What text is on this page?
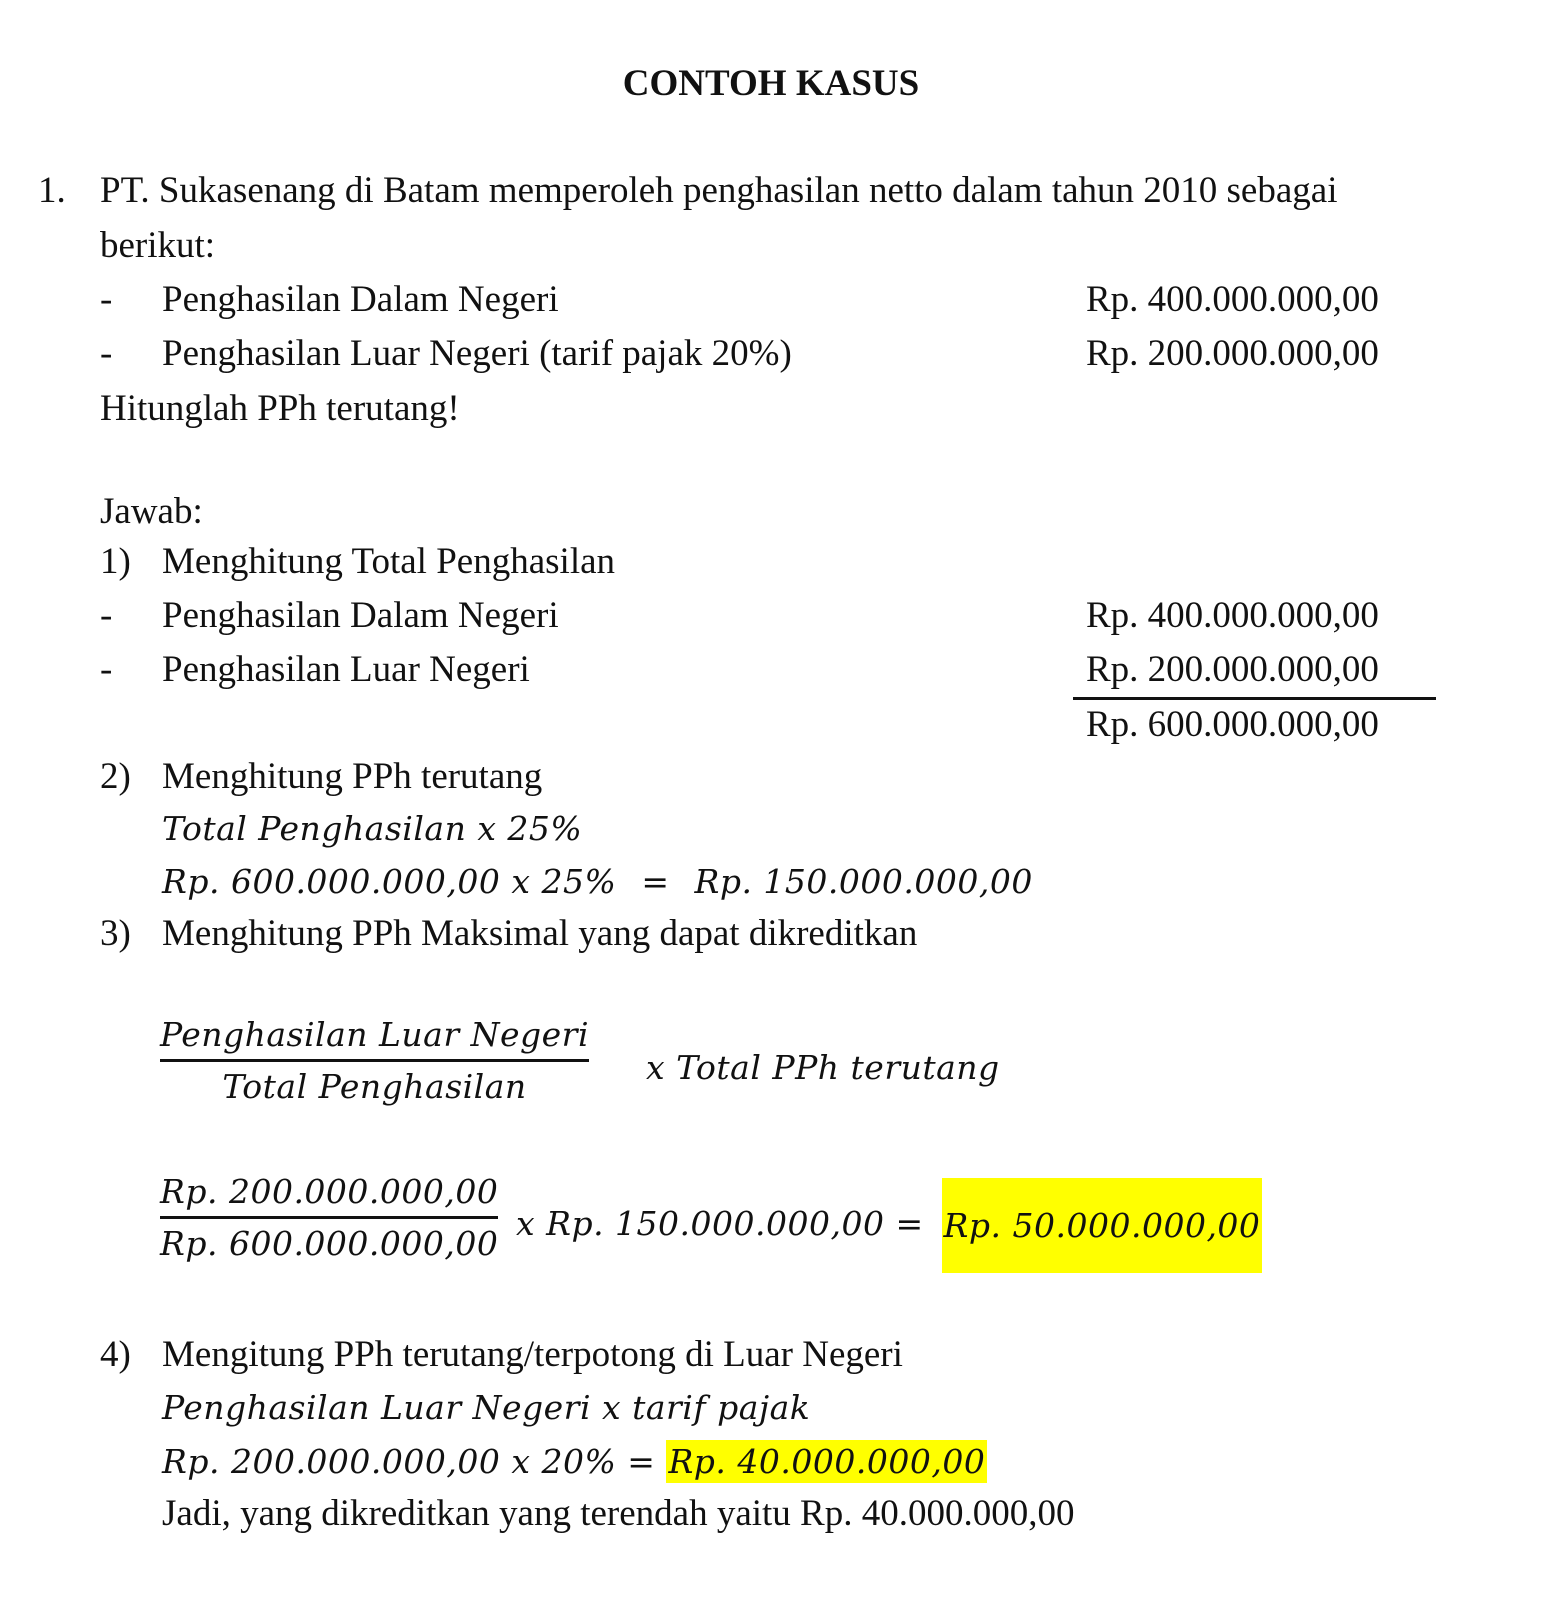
CONTOH KASUS
1. PT. Sukasenang di Batam memperoleh penghasilan netto dalam tahun 2010 sebagai
berikut:
- Penghasilan Dalam Negeri	Rp. 400.000.000,00
- Penghasilan Luar Negeri (tarif pajak 20%)	Rp. 200.000.000,00
Hitunglah PPh terutang!
Jawab:
1) Menghitung Total Penghasilan
- Penghasilan Dalam Negeri	Rp. 400.000.000,00
- Penghasilan Luar Negeri	Rp. 200.000.000,00
Rp. 600.000.000,00
2) Menghitung PPh terutang
Total Penghasilan x 25%
Rp. 600.000.000,00 x 25% = Rp. 150.000.000,00
3) Menghitung PPh Maksimal yang dapat dikreditkan
Penghasilan Luar Negeri
Total Penghasilan	x Total PPh terutang
Rp. 200.000.000,00
Rp. 600.000.000,00
x Rp. 150.000.000,00 = Rp. 50.000.000,00
4) Mengitung PPh terutang/terpotong di Luar Negeri
Penghasilan Luar Negeri x tarif pajak
Rp. 200.000.000,00 x 20% = Rp. 40.000.000,00
Jadi, yang dikreditkan yang terendah yaitu Rp. 40.000.000,00
